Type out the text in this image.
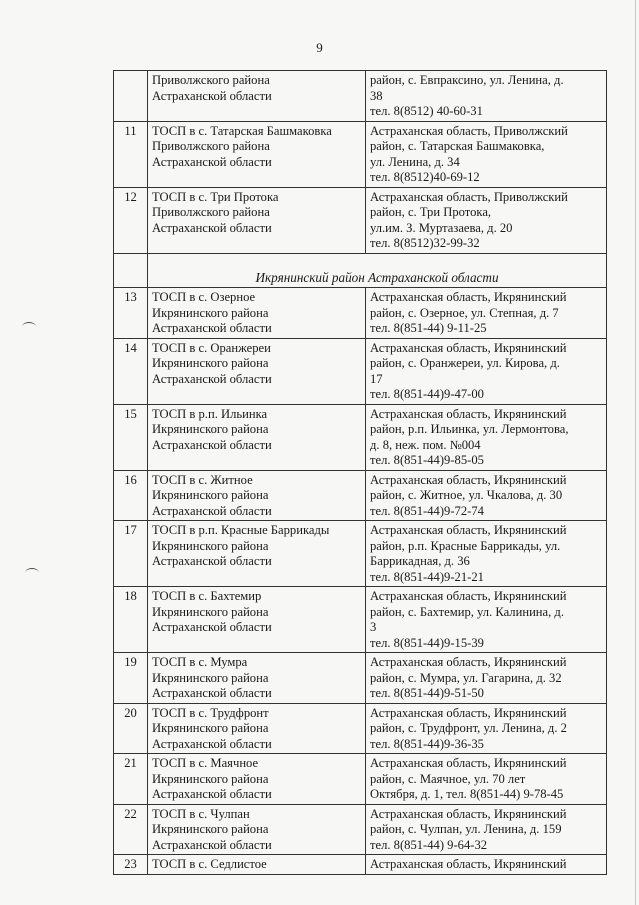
9
	Приволжского района
Астраханской области	район, с. Евпраксино, ул. Ленина, д.
38
тел. 8(8512) 40-60-31
11	ТОСП в с. Татарская Башмаковка
Приволжского района
Астраханской области	Астраханская область, Приволжский
район, с. Татарская Башмаковка,
ул. Ленина, д. 34
тел. 8(8512)40-69-12
12	ТОСП в с. Три Протока
Приволжского района
Астраханской области	Астраханская область, Приволжский
район, с. Три Протока,
ул.им. З. Муртазаева, д. 20
тел. 8(8512)32-99-32

	Икрянинский район Астраханской области	

13	ТОСП в с. Озерное
Икрянинского района
Астраханской области	Астраханская область, Икрянинский
район, с. Озерное, ул. Степная, д. 7
тел. 8(851-44) 9-11-25
14	ТОСП в с. Оранжереи
Икрянинского района
Астраханской области	Астраханская область, Икрянинский
район, с. Оранжереи, ул. Кирова, д.
17
тел. 8(851-44)9-47-00
15	ТОСП в р.п. Ильинка
Икрянинского района
Астраханской области	Астраханская область, Икрянинский
район, р.п. Ильинка, ул. Лермонтова,
д. 8, неж. пом. №004
тел. 8(851-44)9-85-05
16	ТОСП в с. Житное
Икрянинского района
Астраханской области	Астраханская область, Икрянинский
район, с. Житное, ул. Чкалова, д. 30
тел. 8(851-44)9-72-74
17	ТОСП в р.п. Красные Баррикады
Икрянинского района
Астраханской области	Астраханская область, Икрянинский
район, р.п. Красные Баррикады, ул.
Баррикадная, д. 36
тел. 8(851-44)9-21-21
18	ТОСП в с. Бахтемир
Икрянинского района
Астраханской области	Астраханская область, Икрянинский
район, с. Бахтемир, ул. Калинина, д.
3
тел. 8(851-44)9-15-39
19	ТОСП в с. Мумра
Икрянинского района
Астраханской области	Астраханская область, Икрянинский
район, с. Мумра, ул. Гагарина, д. 32
тел. 8(851-44)9-51-50
20	ТОСП в с. Трудфронт
Икрянинского района
Астраханской области	Астраханская область, Икрянинский
район, с. Трудфронт, ул. Ленина, д. 2
тел. 8(851-44)9-36-35
21	ТОСП в с. Маячное
Икрянинского района
Астраханской области	Астраханская область, Икрянинский
район, с. Маячное, ул. 70 лет
Октября, д. 1, тел. 8(851-44) 9-78-45
22	ТОСП в с. Чулпан
Икрянинского района
Астраханской области	Астраханская область, Икрянинский
район, с. Чулпан, ул. Ленина, д. 159
тел. 8(851-44) 9-64-32
23	ТОСП в с. Седлистое	Астраханская область, Икрянинский
